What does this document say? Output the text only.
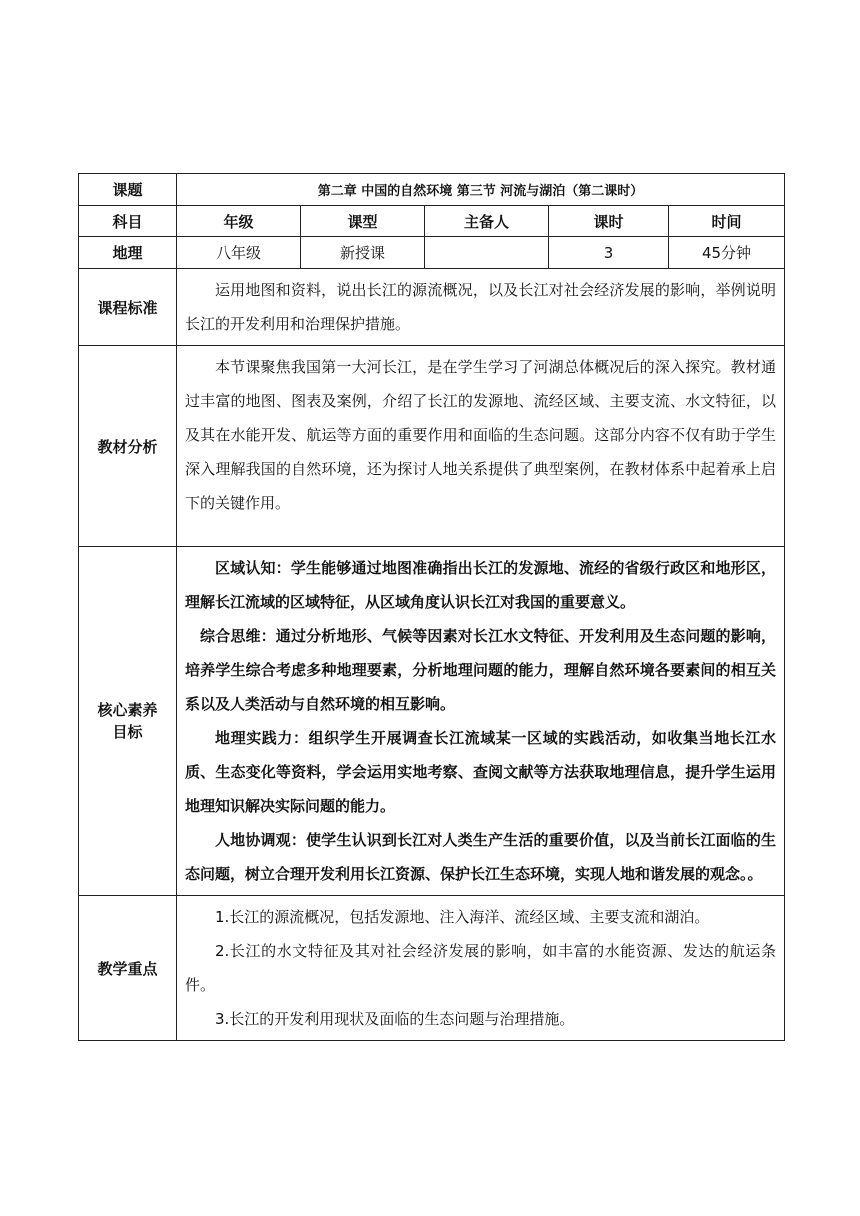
课题	第二章 中国的自然环境 第三节 河流与湖泊（第二课时）				
科目	年级	课型	主备人	课时	时间
地理	八年级	新授课		3	45分钟
课程标准	运用地图和资料，说出长江的源流概况，以及长江对社会经济发展的影响，举例说明长江的开发利用和治理保护措施。				

教材分析	本节课聚焦我国第一大河长江，是在学生学习了河湖总体概况后的深入探究。教材通过丰富的地图、图表及案例，介绍了长江的发源地、流经区域、主要支流、水文特征，以及其在水能开发、航运等方面的重要作用和面临的生态问题。这部分内容不仅有助于学生深入理解我国的自然环境，还为探讨人地关系提供了典型案例，在教材体系中起着承上启下的关键作用。				

核心素养目标	区域认知：学生能够通过地图准确指出长江的发源地、流经的省级行政区和地形区，理解长江流域的区域特征，从区域角度认识长江对我国的重要意义。

综合思维：通过分析地形、气候等因素对长江水文特征、开发利用及生态问题的影响，培养学生综合考虑多种地理要素，分析地理问题的能力，理解自然环境各要素间的相互关系以及人类活动与自然环境的相互影响。

地理实践力：组织学生开展调查长江流域某一区域的实践活动，如收集当地长江水质、生态变化等资料，学会运用实地考察、查阅文献等方法获取地理信息，提升学生运用地理知识解决实际问题的能力。

人地协调观：使学生认识到长江对人类生产生活的重要价值，以及当前长江面临的生态问题，树立合理开发利用长江资源、保护长江生态环境，实现人地和谐发展的观念。。				

教学重点	1.长江的源流概况，包括发源地、注入海洋、流经区域、主要支流和湖泊。

2.长江的水文特征及其对社会经济发展的影响，如丰富的水能资源、发达的航运条件。

3.长江的开发利用现状及面临的生态问题与治理措施。				
